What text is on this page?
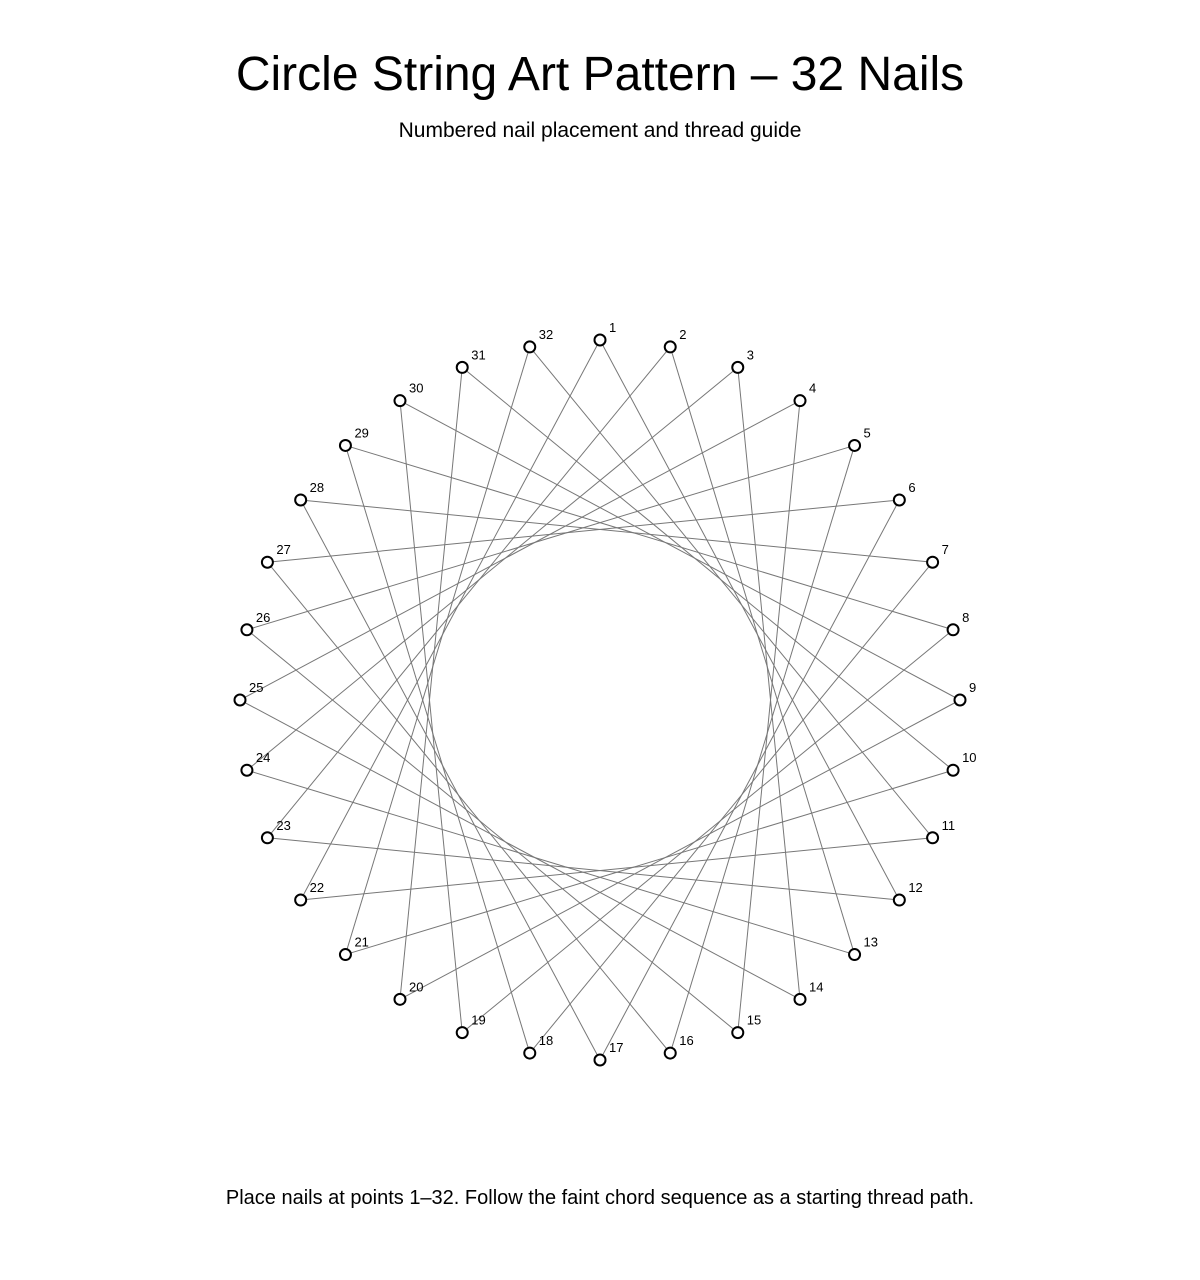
Circle String Art Pattern – 32 Nails

Numbered nail placement and thread guide

1	2
3
4
5
6
7
8
9
10
11
12
13
14
15
16
17
18
19
20
21
22
23
24
25
26
27
28
29
30
31
32

Place nails at points 1–32. Follow the faint chord sequence as a starting thread path.
